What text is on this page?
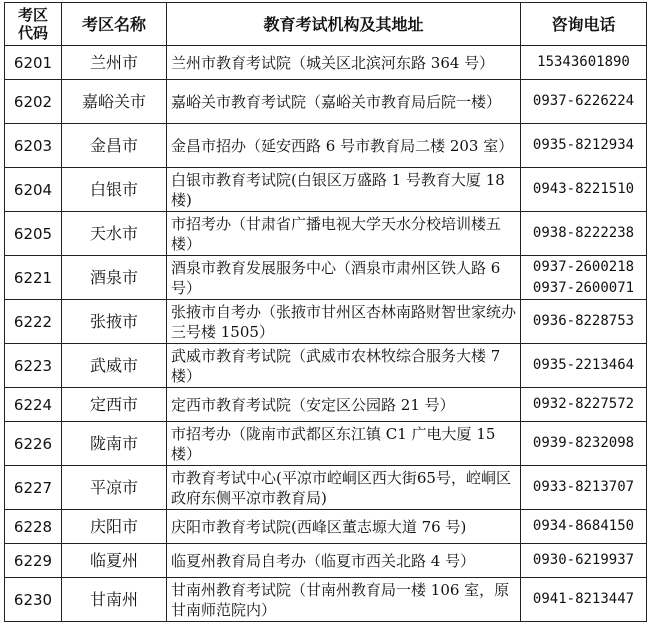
考区
代码	考区名称	教育考试机构及其地址	咨询电话
6201	兰州市	兰州市教育考试院（城关区北滨河东路 364 号）	15343601890

6202	嘉峪关市	嘉峪关市教育考试院（嘉峪关市教育局后院一楼）	0937-6226224

6203	金昌市	金昌市招办（延安西路 6 号市教育局二楼 203 室）	0935-8212934

6204	白银市	白银市教育考试院(白银区万盛路 1 号教育大厦 18 楼)	0943-8221510

6205	天水市	市招考办（甘肃省广播电视大学天水分校培训楼五楼）	0938-8222238

6221	酒泉市	酒泉市教育发展服务中心（酒泉市肃州区铁人路 6 号）	0937-2600218
0937-2600071

6222	张掖市	张掖市自考办（张掖市甘州区杏林南路财智世家统办三号楼 1505）	0936-8228753

6223	武威市	武威市教育考试院（武威市农林牧综合服务大楼 7 楼）	0935-2213464

6224	定西市	定西市教育考试院（安定区公园路 21 号）	0932-8227572

6226	陇南市	市招考办（陇南市武都区东江镇 C1 广电大厦 15 楼）	0939-8232098

6227	平凉市	市教育考试中心(平凉市崆峒区西大街65号，崆峒区政府东侧平凉市教育局)	0933-8213707

6228	庆阳市	庆阳市教育考试院(西峰区董志塬大道 76 号)	0934-8684150

6229	临夏州	临夏州教育局自考办（临夏市西关北路 4 号）	0930-6219937

6230	甘南州	甘南州教育考试院（甘南州教育局一楼 106 室，原甘南师范院内）	0941-8213447
